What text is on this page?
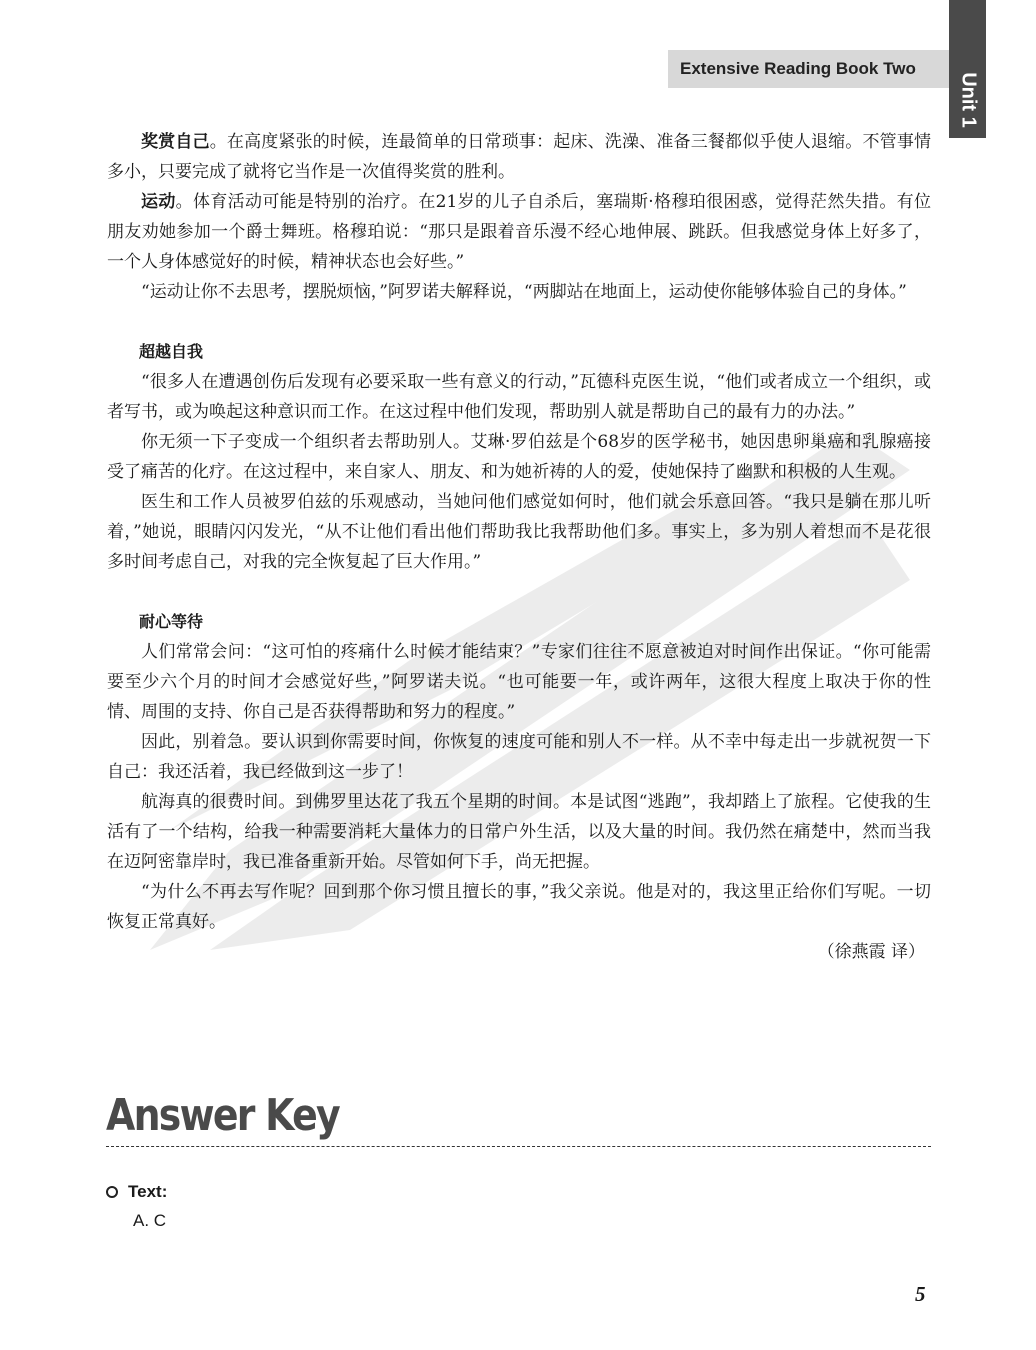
Extensive Reading Book Two
Unit 1

奖赏自己。在高度紧张的时候，连最简单的日常琐事：起床、洗澡、准备三餐都似乎使人退缩。不管事情多小，只要完成了就将它当作是一次值得奖赏的胜利。

运动。体育活动可能是特别的治疗。在21岁的儿子自杀后，塞瑞斯·格穆珀很困惑，觉得茫然失措。有位朋友劝她参加一个爵士舞班。格穆珀说：“那只是跟着音乐漫不经心地伸展、跳跃。但我感觉身体上好多了，一个人身体感觉好的时候，精神状态也会好些。”

“运动让你不去思考，摆脱烦恼，”阿罗诺夫解释说，“两脚站在地面上，运动使你能够体验自己的身体。”

超越自我

“很多人在遭遇创伤后发现有必要采取一些有意义的行动，”瓦德科克医生说，“他们或者成立一个组织，或者写书，或为唤起这种意识而工作。在这过程中他们发现，帮助别人就是帮助自己的最有力的办法。”

你无须一下子变成一个组织者去帮助别人。艾琳·罗伯兹是个68岁的医学秘书，她因患卵巢癌和乳腺癌接受了痛苦的化疗。在这过程中，来自家人、朋友、和为她祈祷的人的爱，使她保持了幽默和积极的人生观。

医生和工作人员被罗伯兹的乐观感动，当她问他们感觉如何时，他们就会乐意回答。“我只是躺在那儿听着，”她说，眼睛闪闪发光，“从不让他们看出他们帮助我比我帮助他们多。事实上，多为别人着想而不是花很多时间考虑自己，对我的完全恢复起了巨大作用。”

耐心等待

人们常常会问：“这可怕的疼痛什么时候才能结束？”专家们往往不愿意被迫对时间作出保证。“你可能需要至少六个月的时间才会感觉好些，”阿罗诺夫说。“也可能要一年，或许两年，这很大程度上取决于你的性情、周围的支持、你自己是否获得帮助和努力的程度。”

因此，别着急。要认识到你需要时间，你恢复的速度可能和别人不一样。从不幸中每走出一步就祝贺一下自己：我还活着，我已经做到这一步了！

航海真的很费时间。到佛罗里达花了我五个星期的时间。本是试图“逃跑”，我却踏上了旅程。它使我的生活有了一个结构，给我一种需要消耗大量体力的日常户外生活，以及大量的时间。我仍然在痛楚中，然而当我在迈阿密靠岸时，我已准备重新开始。尽管如何下手，尚无把握。

“为什么不再去写作呢？回到那个你习惯且擅长的事，”我父亲说。他是对的，我这里正给你们写呢。一切恢复正常真好。

（徐燕霞 译）
Answer Key
Text:
A. C
5
